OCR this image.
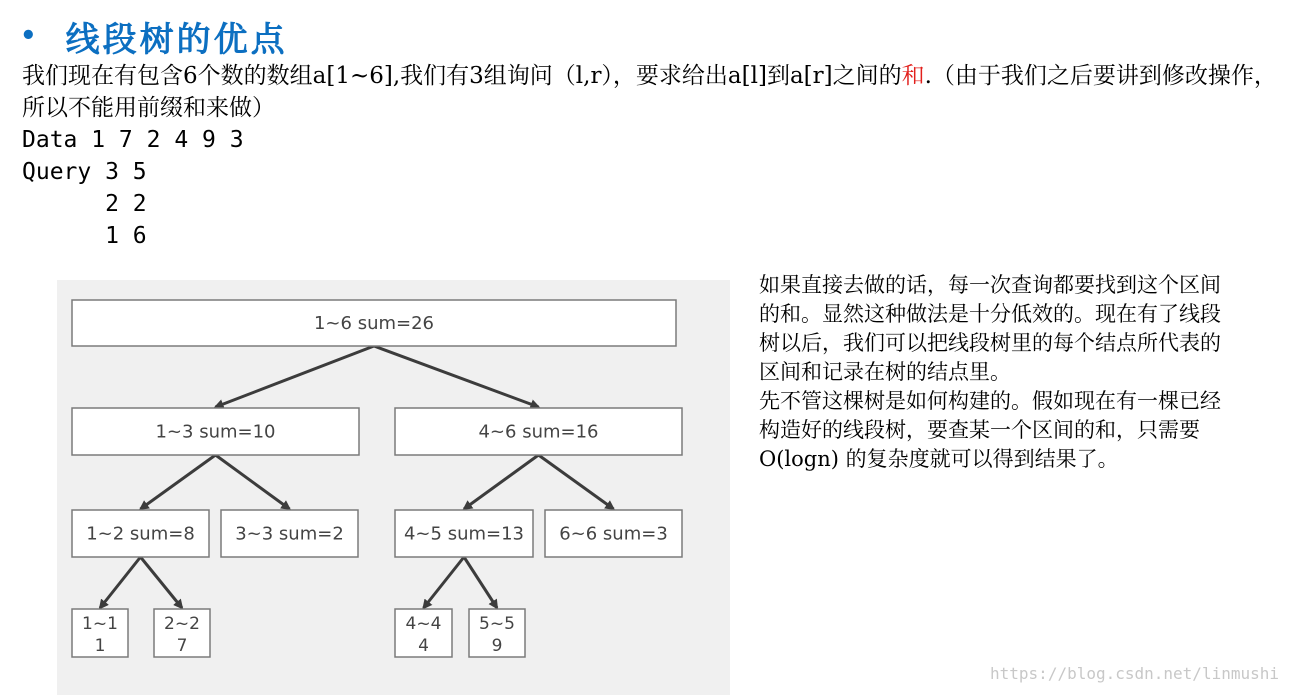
• 线段树的优点
我们现在有包含6个数的数组a[1~6],我们有3组询问（l,r），要求给出a[l]到a[r]之间的和.（由于我们之后要讲到修改操作，所以不能用前缀和来做）
Data 1 7 2 4 9 3
Query 3 5
2 2
1 6
1~6 sum=26
1~3 sum=10	4~6 sum=16
1~2 sum=8 3~3 sum=2	4~5 sum=13 6~6 sum=3
1~1
1
2~2
7
4~4
4
5~5
9

如果直接去做的话，每一次查询都要找到这个区间的和。显然这种做法是十分低效的。现在有了线段树以后，我们可以把线段树里的每个结点所代表的区间和记录在树的结点里。

先不管这棵树是如何构建的。假如现在有一棵已经构造好的线段树，要查某一个区间的和，只需要 O(logn) 的复杂度就可以得到结果了。

https://blog.csdn.net/linmushi
